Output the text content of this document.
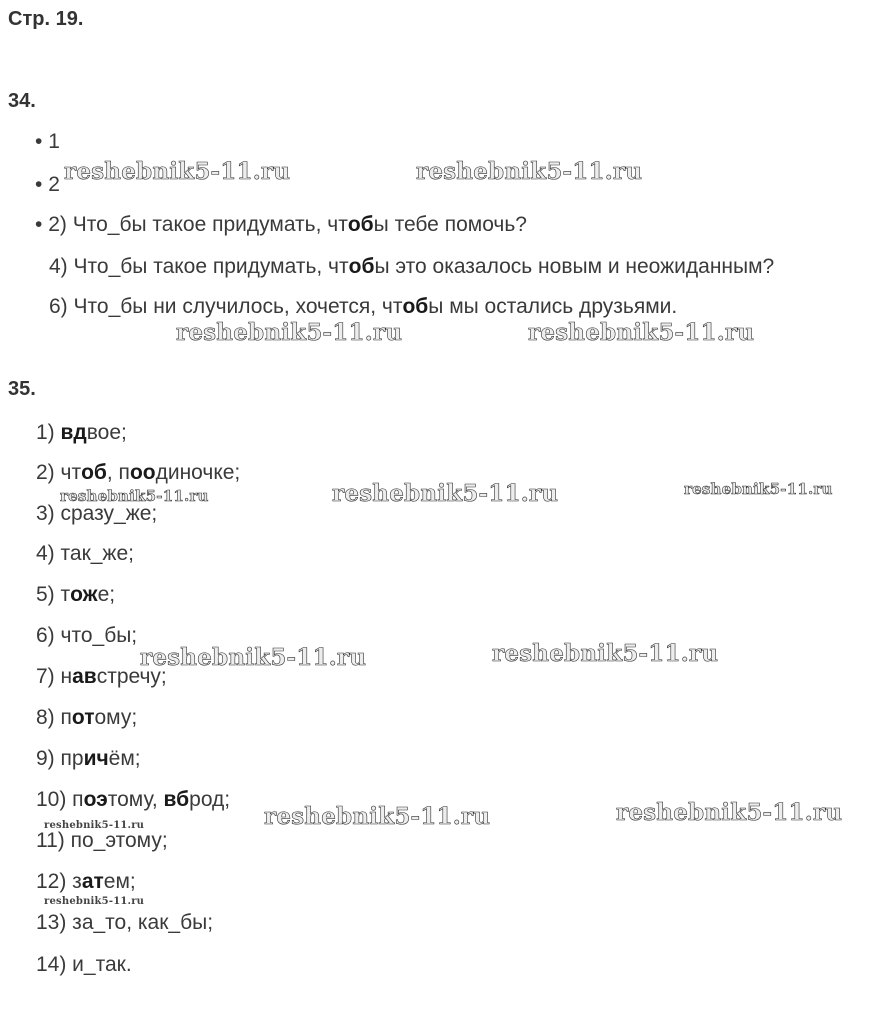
Стр. 19.
34.
• 1
• 2
• 2) Что_бы такое придумать, чтобы тебе помочь?
4) Что_бы такое придумать, чтобы это оказалось новым и неожиданным?
6) Что_бы ни случилось, хочется, чтобы мы остались друзьями.
35.
1) вдвое;
2) чтоб, поодиночке;
3) сразу_же;
4) так_же;
5) тоже;
6) что_бы;
7) навстречу;
8) потому;
9) причём;
10) поэтому, вброд;
11) по_этому;
12) затем;
13) за_то, как_бы;
14) и_так.
reshebnik5-11.ru	reshebnik5-11.ru
reshebnik5-11.ru	reshebnik5-11.ru
reshebnik5-11.ru	reshebnik5-11.ru	reshebnik5-11.ru
reshebnik5-11.ru	reshebnik5-11.ru
reshebnik5-11.ru	reshebnik5-11.ru	reshebnik5-11.ru
reshebnik5-11.ru
